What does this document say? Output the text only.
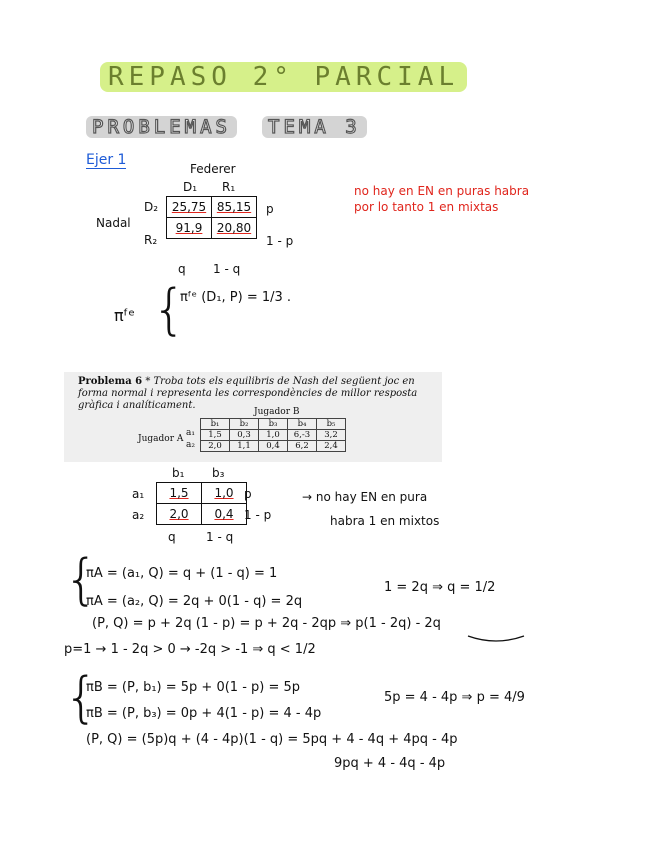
REPASO 2° PARCIAL
PROBLEMAS	TEMA 3
Ejer 1
Federer
D₁ R₁
Nadal
D₂
R₂
25,75	85,15
91,9	20,80
p
1 - p
q 1 - q
no hay en EN en puras habra
por lo tanto 1 en mixtas
πᶠᵉ {
πᶠᵉ (D₁, P) = 1/3 .
Problema 6 * Troba tots els equilibris de Nash del següent joc en forma normal i representa les correspondències de millor resposta gràfica i analíticament.
Jugador B
Jugador A
a₁
a₂
b₁	b₂	b₃	b₄	b₅
1,5	0,3	1,0	6,-3	3,2
2,0	1,1	0,4	6,2	2,4
b₁ b₃
a₁
a₂
1,5	1,0
2,0	0,4
p
1 - p
q	1 - q
→ no hay EN en pura
habra 1 en mixtos
{
πA = (a₁, Q) = q + (1 - q) = 1
πA = (a₂, Q) = 2q + 0(1 - q) = 2q
1 = 2q ⇒ q = 1/2
(P, Q) = p + 2q (1 - p) = p + 2q - 2qp ⇒ p(1 - 2q) - 2q
p=1 → 1 - 2q > 0 → -2q > -1 ⇒ q < 1/2
{
πB = (P, b₁) = 5p + 0(1 - p) = 5p
πB = (P, b₃) = 0p + 4(1 - p) = 4 - 4p
5p = 4 - 4p ⇒ p = 4/9
(P, Q) = (5p)q + (4 - 4p)(1 - q) = 5pq + 4 - 4q + 4pq - 4p
9pq + 4 - 4q - 4p
